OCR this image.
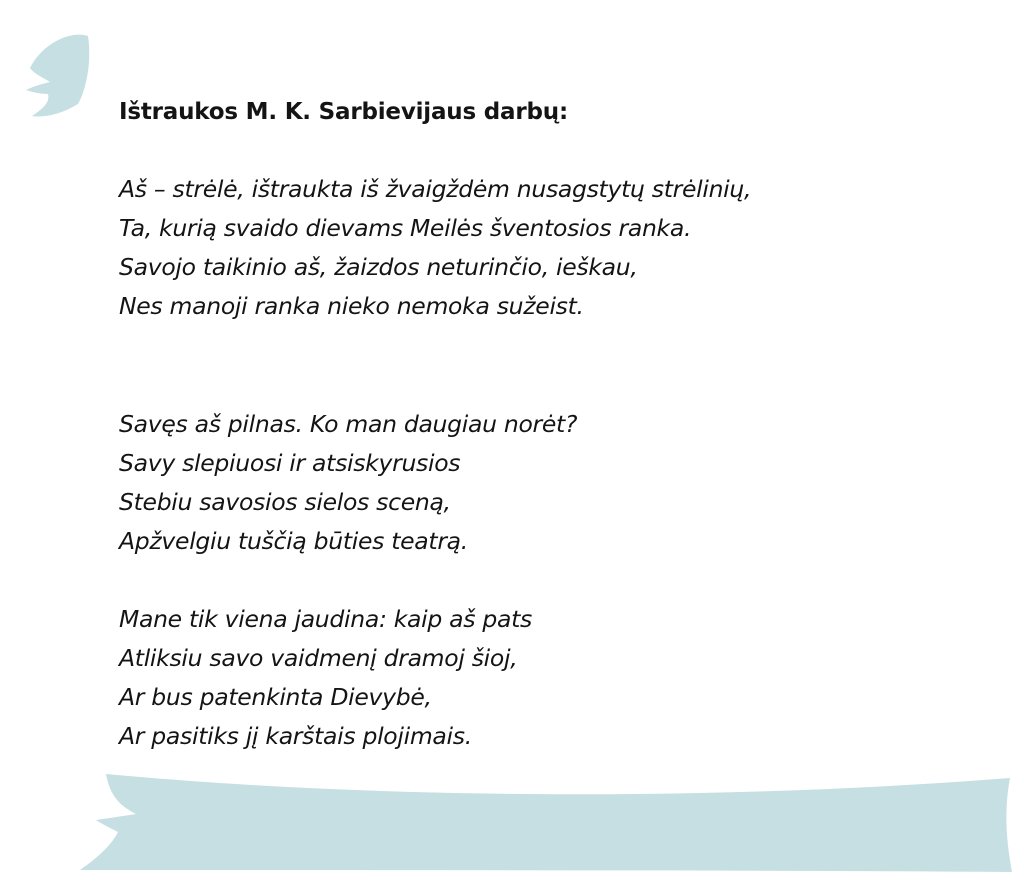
Ištraukos M. K. Sarbievijaus darbų:

Aš – strėlė, ištraukta iš žvaigždėm nusagstytų strėlinių,
Ta, kurią svaido dievams Meilės šventosios ranka.
Savojo taikinio aš, žaizdos neturinčio, ieškau,
Nes manoji ranka nieko nemoka sužeist.

Savęs aš pilnas. Ko man daugiau norėt?
Savy slepiuosi ir atsiskyrusios
Stebiu savosios sielos sceną,
Apžvelgiu tuščią būties teatrą.

Mane tik viena jaudina: kaip aš pats
Atliksiu savo vaidmenį dramoj šioj,
Ar bus patenkinta Dievybė,
Ar pasitiks jį karštais plojimais.
